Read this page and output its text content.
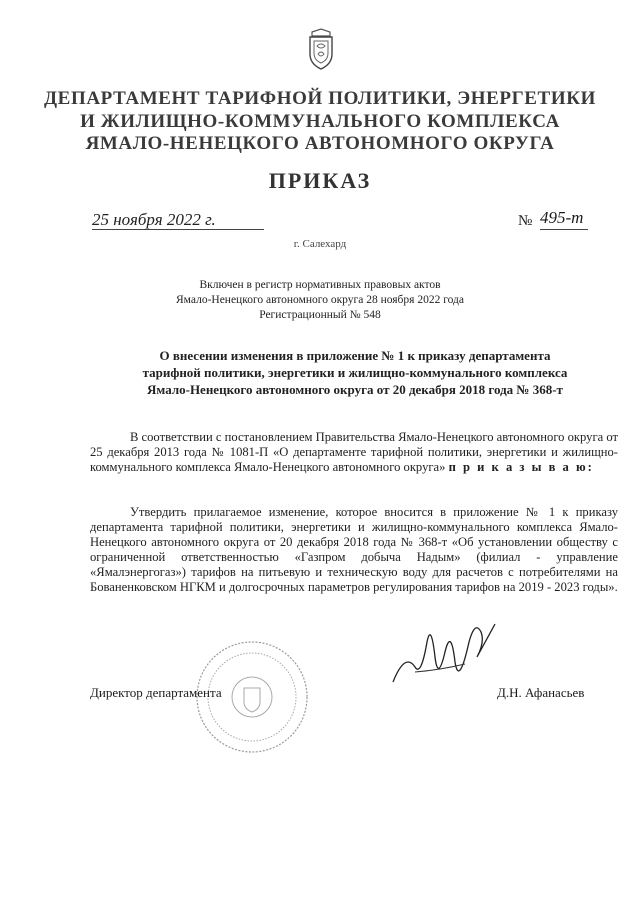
ДЕПАРТАМЕНТ ТАРИФНОЙ ПОЛИТИКИ, ЭНЕРГЕТИКИ
И ЖИЛИЩНО-КОММУНАЛЬНОГО КОМПЛЕКСА
ЯМАЛО-НЕНЕЦКОГО АВТОНОМНОГО ОКРУГА
ПРИКАЗ
25 ноября 2022 г.	№ 495-т
г. Салехард
Включен в регистр нормативных правовых актов
Ямало-Ненецкого автономного округа 28 ноября 2022 года
Регистрационный № 548
О внесении изменения в приложение № 1 к приказу департамента
тарифной политики, энергетики и жилищно-коммунального комплекса
Ямало-Ненецкого автономного округа от 20 декабря 2018 года № 368-т
В соответствии с постановлением Правительства Ямало-Ненецкого автономного округа от 25 декабря 2013 года № 1081-П «О департаменте тарифной политики, энергетики и жилищно-коммунального комплекса Ямало-Ненецкого автономного округа» п р и к а з ы в а ю:
Утвердить прилагаемое изменение, которое вносится в приложение № 1 к приказу департамента тарифной политики, энергетики и жилищно-коммунального комплекса Ямало-Ненецкого автономного округа от 20 декабря 2018 года № 368-т «Об установлении обществу с ограниченной ответственностью «Газпром добыча Надым» (филиал - управление «Ямалэнергогаз») тарифов на питьевую и техническую воду для расчетов с потребителями на Бованенковском НГКМ и долгосрочных параметров регулирования тарифов на 2019 - 2023 годы».
Директор департамента	Д.Н. Афанасьев
